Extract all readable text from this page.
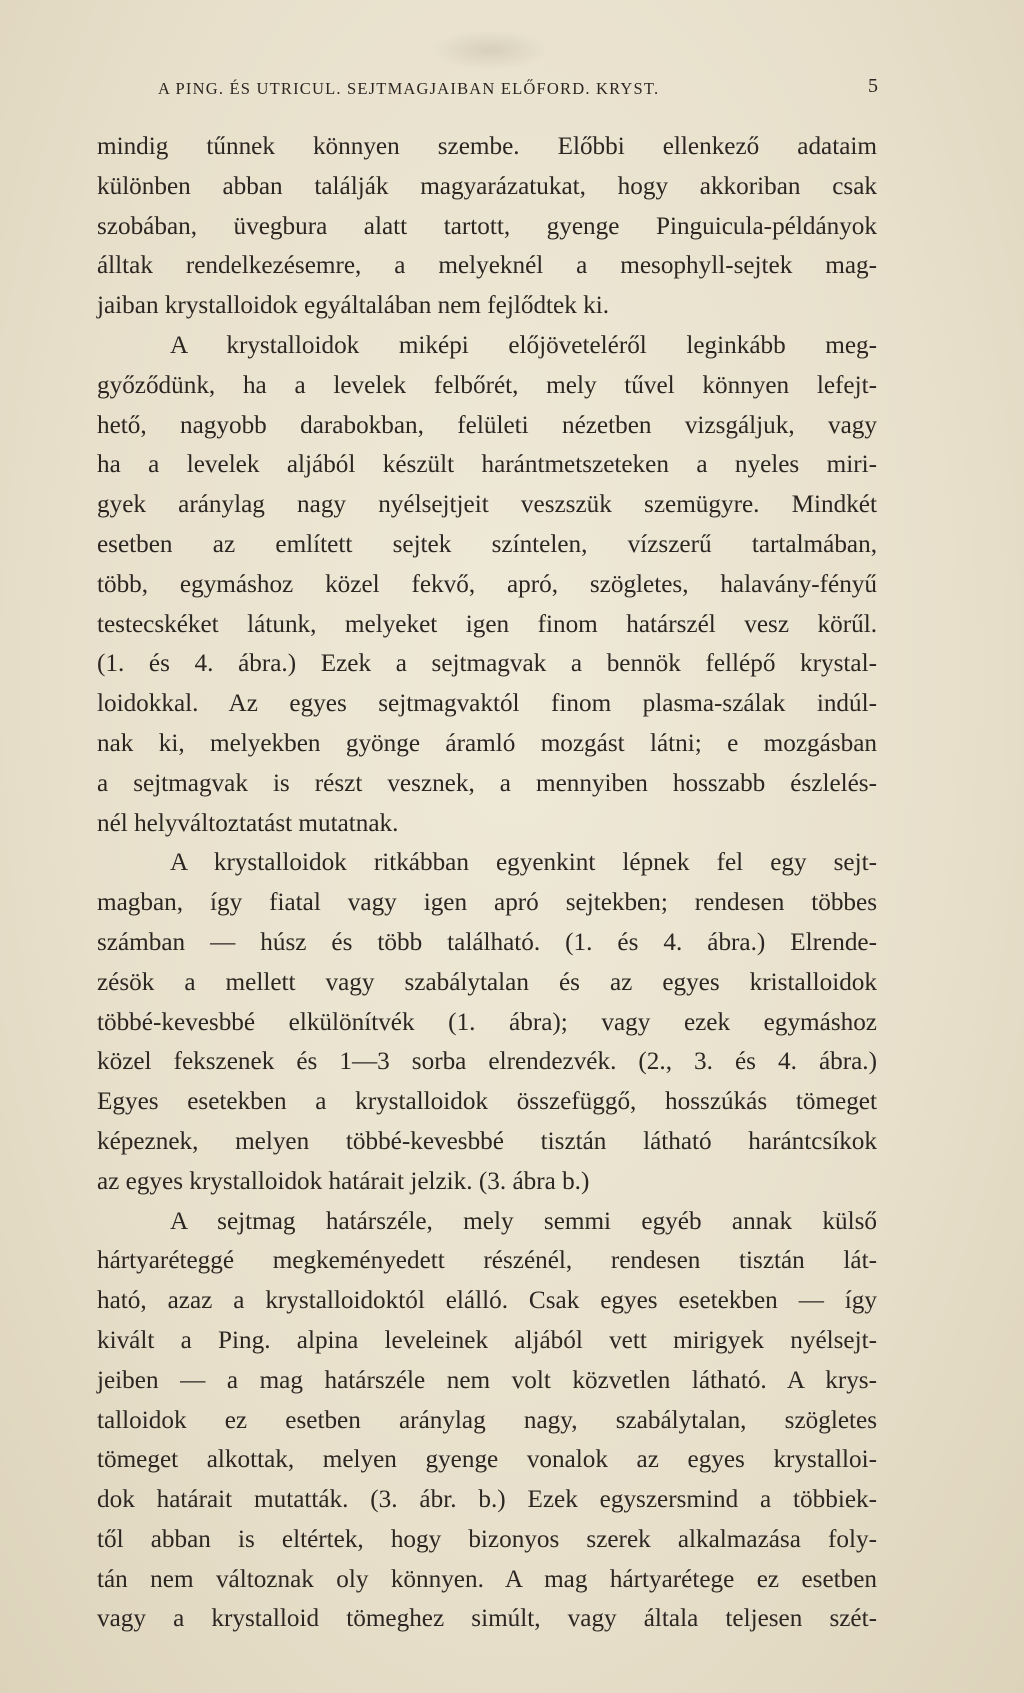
A PING. ÉS UTRICUL. SEJTMAGJAIBAN ELŐFORD. KRYST.	5
mindig tűnnek könnyen szembe. Előbbi ellenkező adataim
különben abban találják magyarázatukat, hogy akkoriban csak
szobában, üvegbura alatt tartott, gyenge Pinguicula-példányok
álltak rendelkezésemre, a melyeknél a mesophyll-sejtek mag-
jaiban krystalloidok egyáltalában nem fejlődtek ki.
A krystalloidok miképi előjöveteléről leginkább meg-
győződünk, ha a levelek felbőrét, mely tűvel könnyen lefejt-
hető, nagyobb darabokban, felületi nézetben vizsgáljuk, vagy
ha a levelek aljából készült harántmetszeteken a nyeles miri-
gyek aránylag nagy nyélsejtjeit veszszük szemügyre. Mindkét
esetben az említett sejtek színtelen, vízszerű tartalmában,
több, egymáshoz közel fekvő, apró, szögletes, halavány-fényű
testecskéket látunk, melyeket igen finom határszél vesz körűl.
(1. és 4. ábra.) Ezek a sejtmagvak a bennök fellépő krystal-
loidokkal. Az egyes sejtmagvaktól finom plasma-szálak indúl-
nak ki, melyekben gyönge áramló mozgást látni; e mozgásban
a sejtmagvak is részt vesznek, a mennyiben hosszabb észlelés-
nél helyváltoztatást mutatnak.
A krystalloidok ritkábban egyenkint lépnek fel egy sejt-
magban, így fiatal vagy igen apró sejtekben; rendesen többes
számban — húsz és több található. (1. és 4. ábra.) Elrende-
zésök a mellett vagy szabálytalan és az egyes kristalloidok
többé-kevesbbé elkülönítvék (1. ábra); vagy ezek egymáshoz
közel fekszenek és 1—3 sorba elrendezvék. (2., 3. és 4. ábra.)
Egyes esetekben a krystalloidok összefüggő, hosszúkás tömeget
képeznek, melyen többé-kevesbbé tisztán látható harántcsíkok
az egyes krystalloidok határait jelzik. (3. ábra b.)
A sejtmag határszéle, mely semmi egyéb annak külső
hártyaréteggé megkeményedett részénél, rendesen tisztán lát-
ható, azaz a krystalloidoktól elálló. Csak egyes esetekben — így
kivált a Ping. alpina leveleinek aljából vett mirigyek nyélsejt-
jeiben — a mag határszéle nem volt közvetlen látható. A krys-
talloidok ez esetben aránylag nagy, szabálytalan, szögletes
tömeget alkottak, melyen gyenge vonalok az egyes krystalloi-
dok határait mutatták. (3. ábr. b.) Ezek egyszersmind a többiek-
től abban is eltértek, hogy bizonyos szerek alkalmazása foly-
tán nem változnak oly könnyen. A mag hártyarétege ez esetben
vagy a krystalloid tömeghez simúlt, vagy általa teljesen szét-
